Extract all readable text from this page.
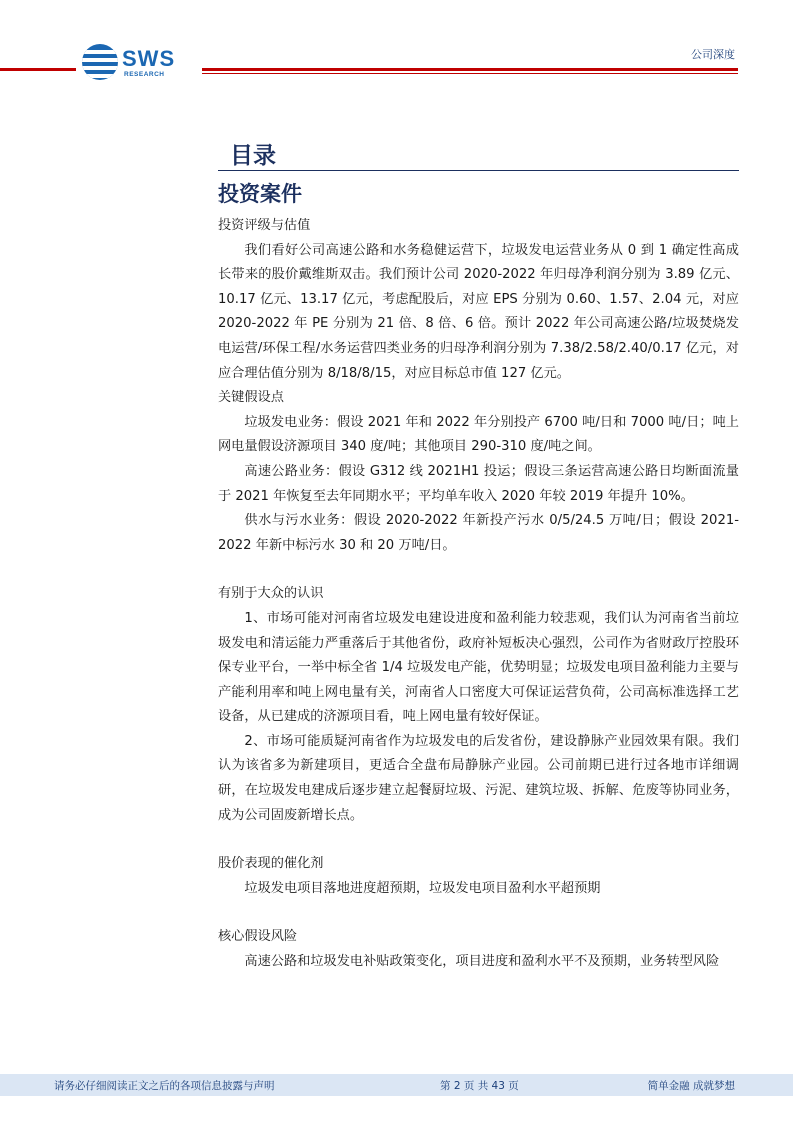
SWS
RESEARCH
公司深度
目录
投资案件

投资评级与估值

我们看好公司高速公路和水务稳健运营下，垃圾发电运营业务从 0 到 1 确定性高成长带来的股价戴维斯双击。我们预计公司 2020-2022 年归母净利润分别为 3.89 亿元、10.17 亿元、13.17 亿元，考虑配股后，对应 EPS 分别为 0.60、1.57、2.04 元，对应 2020-2022 年 PE 分别为 21 倍、8 倍、6 倍。预计 2022 年公司高速公路/垃圾焚烧发电运营/环保工程/水务运营四类业务的归母净利润分别为 7.38/2.58/2.40/0.17 亿元，对应合理估值分别为 8/18/8/15，对应目标总市值 127 亿元。

关键假设点

垃圾发电业务：假设 2021 年和 2022 年分别投产 6700 吨/日和 7000 吨/日；吨上网电量假设济源项目 340 度/吨；其他项目 290-310 度/吨之间。

高速公路业务：假设 G312 线 2021H1 投运；假设三条运营高速公路日均断面流量于 2021 年恢复至去年同期水平；平均单车收入 2020 年较 2019 年提升 10%。

供水与污水业务：假设 2020-2022 年新投产污水 0/5/24.5 万吨/日；假设 2021-2022 年新中标污水 30 和 20 万吨/日。

有别于大众的认识

1、市场可能对河南省垃圾发电建设进度和盈利能力较悲观，我们认为河南省当前垃圾发电和清运能力严重落后于其他省份，政府补短板决心强烈，公司作为省财政厅控股环保专业平台，一举中标全省 1/4 垃圾发电产能，优势明显；垃圾发电项目盈利能力主要与产能利用率和吨上网电量有关，河南省人口密度大可保证运营负荷，公司高标准选择工艺设备，从已建成的济源项目看，吨上网电量有较好保证。

2、市场可能质疑河南省作为垃圾发电的后发省份，建设静脉产业园效果有限。我们认为该省多为新建项目，更适合全盘布局静脉产业园。公司前期已进行过各地市详细调研，在垃圾发电建成后逐步建立起餐厨垃圾、污泥、建筑垃圾、拆解、危废等协同业务，成为公司固废新增长点。

股价表现的催化剂

垃圾发电项目落地进度超预期，垃圾发电项目盈利水平超预期

核心假设风险

高速公路和垃圾发电补贴政策变化，项目进度和盈利水平不及预期，业务转型风险

请务必仔细阅读正文之后的各项信息披露与声明	第 2 页 共 43 页	简单金融 成就梦想
